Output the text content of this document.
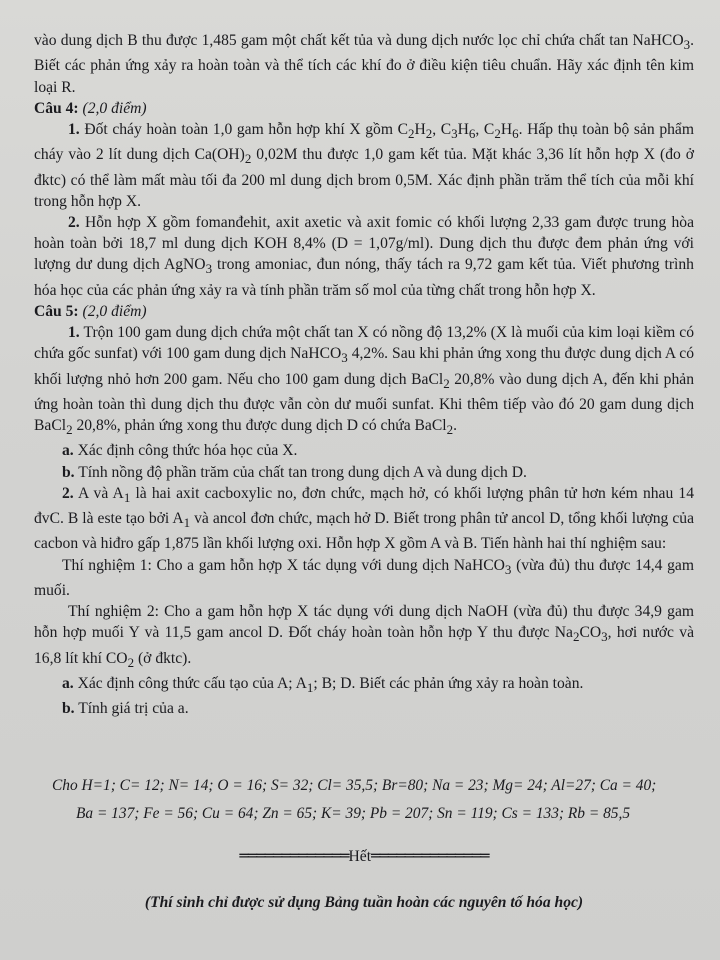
vào dung dịch B thu được 1,485 gam một chất kết tủa và dung dịch nước lọc chỉ chứa chất tan NaHCO$_3$. Biết các phản ứng xảy ra hoàn toàn và thể tích các khí đo ở điều kiện tiêu chuẩn. Hãy xác định tên kim loại R.

Câu 4: (2,0 điểm)

1. Đốt cháy hoàn toàn 1,0 gam hỗn hợp khí X gồm $C_2H_2$, $C_3H_6$, $C_2H_6$. Hấp thụ toàn bộ sản phẩm cháy vào 2 lít dung dịch $Ca(OH)_2$ 0,02M thu được 1,0 gam kết tủa. Mặt khác 3,36 lít hỗn hợp X (đo ở đktc) có thể làm mất màu tối đa 200 ml dung dịch brom 0,5M. Xác định phần trăm thể tích của mỗi khí trong hỗn hợp X.

2. Hỗn hợp X gồm fomanđehit, axit axetic và axit fomic có khối lượng 2,33 gam được trung hòa hoàn toàn bởi 18,7 ml dung dịch KOH 8,4% (D = 1,07g/ml). Dung dịch thu được đem phản ứng với lượng dư dung dịch AgNO$_3$ trong amoniac, đun nóng, thấy tách ra 9,72 gam kết tủa. Viết phương trình hóa học của các phản ứng xảy ra và tính phần trăm số mol của từng chất trong hỗn hợp X.

Câu 5: (2,0 điểm)

1. Trộn 100 gam dung dịch chứa một chất tan X có nồng độ 13,2% (X là muối của kim loại kiềm có chứa gốc sunfat) với 100 gam dung dịch NaHCO$_3$ 4,2%. Sau khi phản ứng xong thu được dung dịch A có khối lượng nhỏ hơn 200 gam. Nếu cho 100 gam dung dịch BaCl$_2$ 20,8% vào dung dịch A, đến khi phản ứng hoàn toàn thì dung dịch thu được vẫn còn dư muối sunfat. Khi thêm tiếp vào đó 20 gam dung dịch BaCl$_2$ 20,8%, phản ứng xong thu được dung dịch D có chứa BaCl$_2$.

a. Xác định công thức hóa học của X.

b. Tính nồng độ phần trăm của chất tan trong dung dịch A và dung dịch D.

2. A và $A_1$ là hai axit cacboxylic no, đơn chức, mạch hở, có khối lượng phân tử hơn kém nhau 14 đvC. B là este tạo bởi $A_1$ và ancol đơn chức, mạch hở D. Biết trong phân tử ancol D, tổng khối lượng của cacbon và hiđro gấp 1,875 lần khối lượng oxi. Hỗn hợp X gồm A và B. Tiến hành hai thí nghiệm sau:

Thí nghiệm 1: Cho a gam hỗn hợp X tác dụng với dung dịch NaHCO$_3$ (vừa đủ) thu được 14,4 gam muối.

Thí nghiệm 2: Cho a gam hỗn hợp X tác dụng với dung dịch NaOH (vừa đủ) thu được 34,9 gam hỗn hợp muối Y và 11,5 gam ancol D. Đốt cháy hoàn toàn hỗn hợp Y thu được $Na_2CO_3$, hơi nước và 16,8 lít khí $CO_2$ (ở đktc).

a. Xác định công thức cấu tạo của A; $A_1$; B; D. Biết các phản ứng xảy ra hoàn toàn.

b. Tính giá trị của a.

Cho H=1; C= 12; N= 14; O = 16; S= 32; Cl= 35,5; Br=80; Na = 23; Mg= 24; Al=27; Ca = 40;
Ba = 137; Fe = 56; Cu = 64; Zn = 65; K= 39; Pb = 207; Sn = 119; Cs = 133; Rb = 85,5
═════════════Hết══════════════
(Thí sinh chỉ được sử dụng Bảng tuần hoàn các nguyên tố hóa học)
